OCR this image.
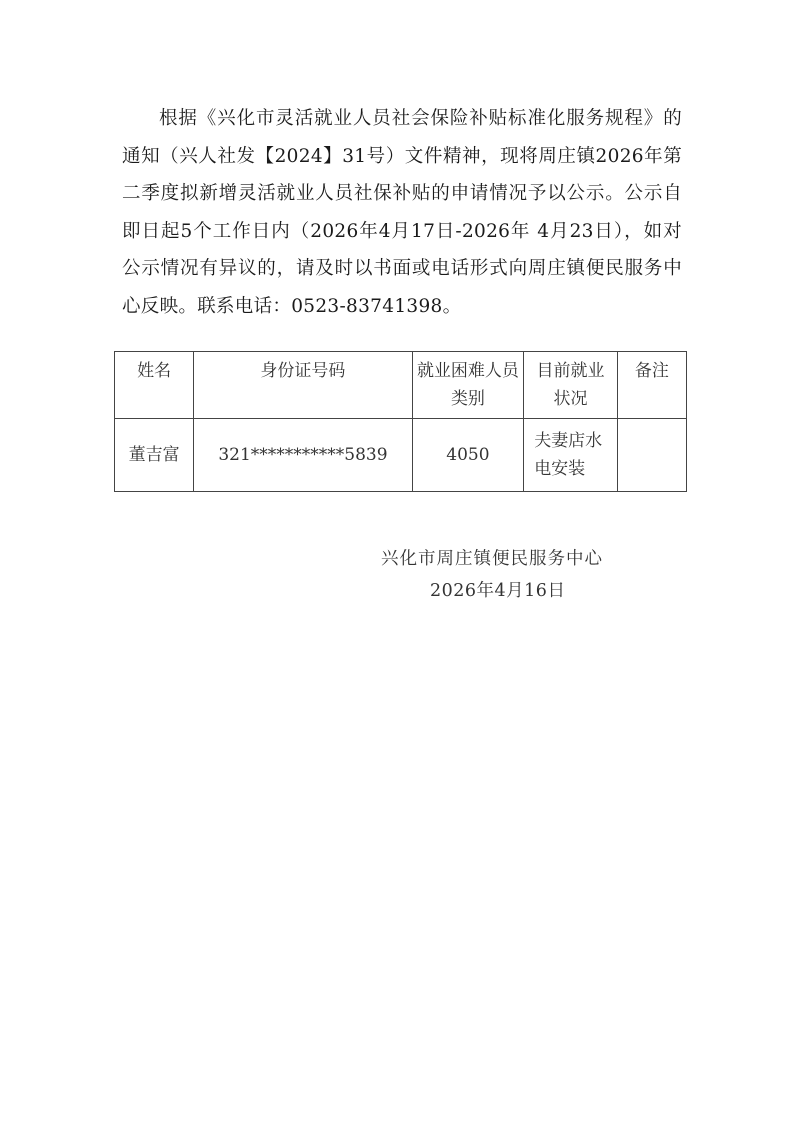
根据《兴化市灵活就业人员社会保险补贴标准化服务规程》的通知（兴人社发【2024】31号）文件精神，现将周庄镇2026年第二季度拟新增灵活就业人员社保补贴的申请情况予以公示。公示自即日起5个工作日内（2026年4月17日-2026年 4月23日），如对公示情况有异议的，请及时以书面或电话形式向周庄镇便民服务中心反映。联系电话：0523-83741398。

姓名	身份证号码	就业困难人员类别	目前就业状况	备注
董吉富	321***********5839	4050	夫妻店水电安装	
兴化市周庄镇便民服务中心
2026年4月16日
